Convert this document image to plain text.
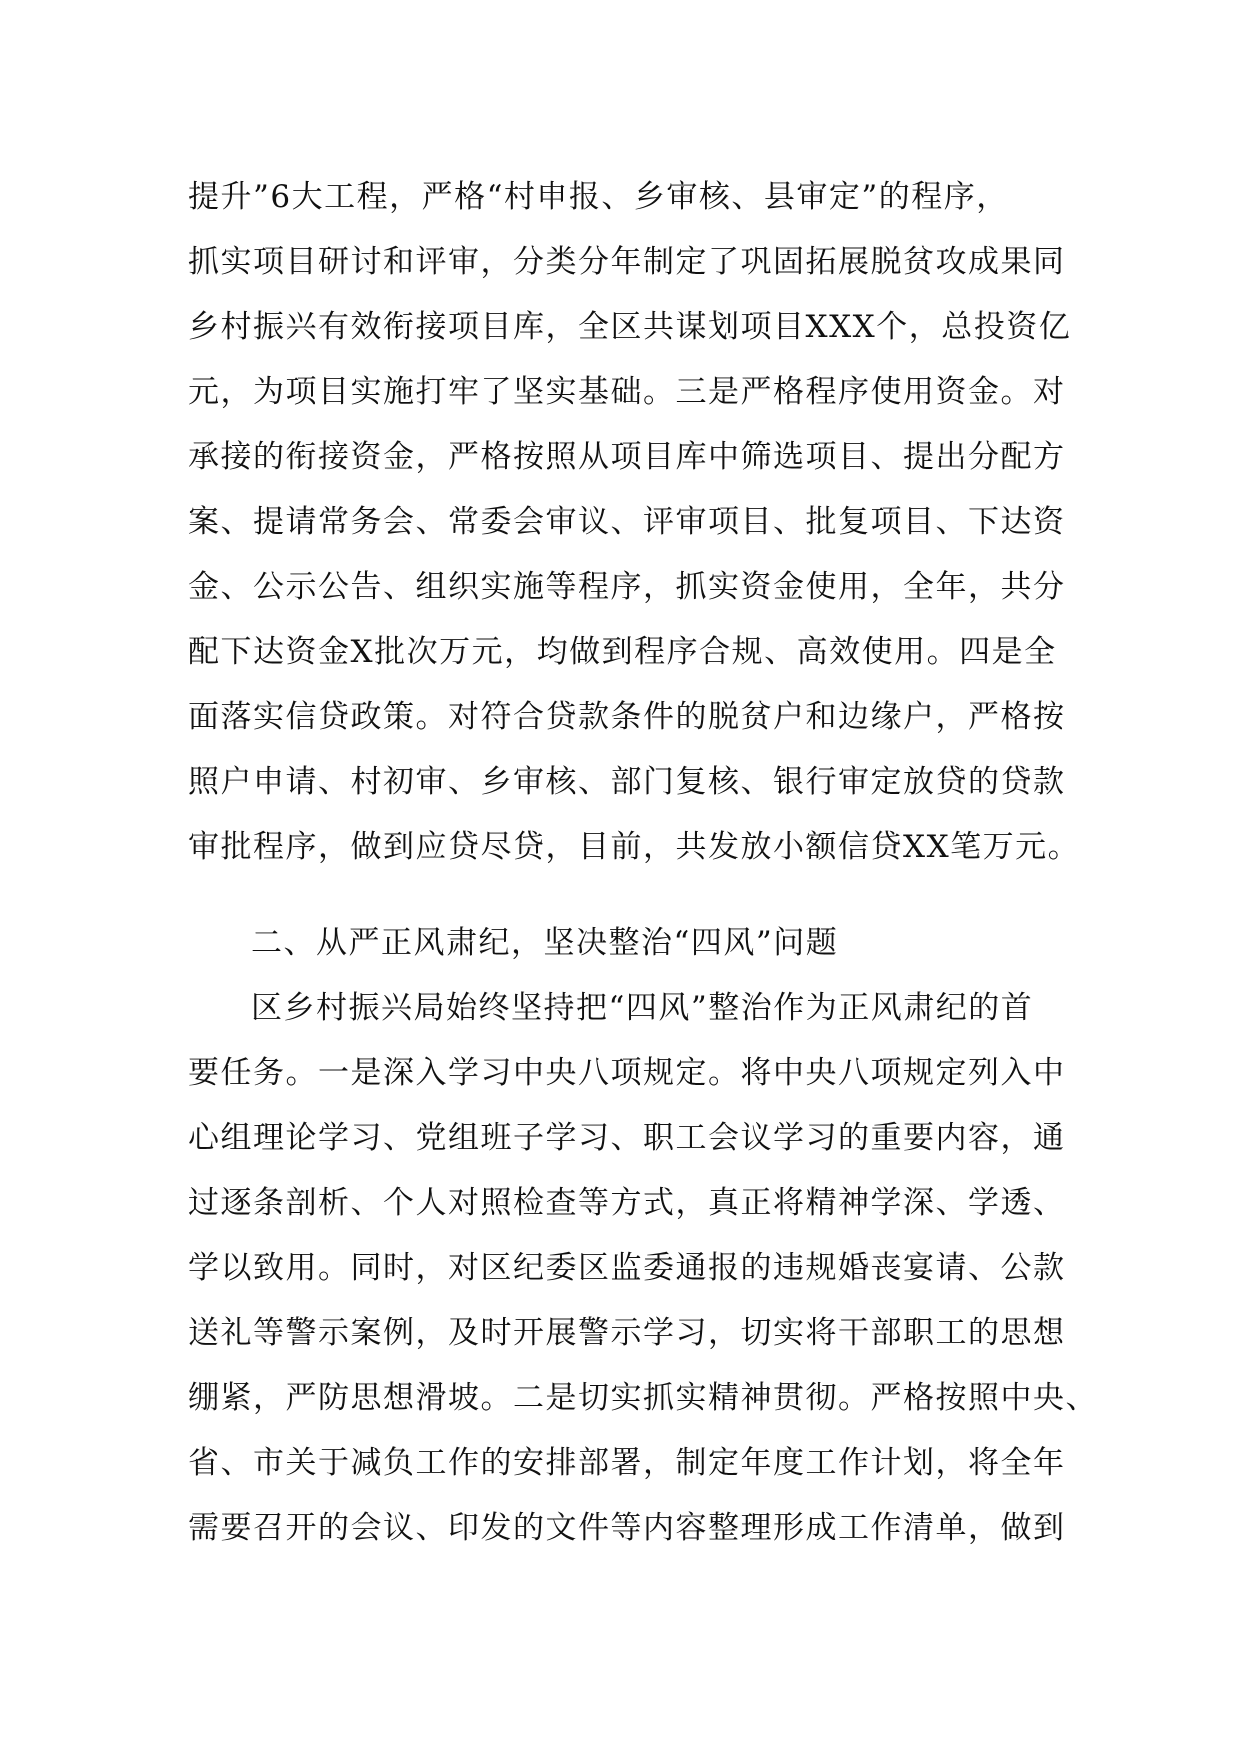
提升”6大工程，严格“村申报、乡审核、县审定”的程序，
抓实项目研讨和评审，分类分年制定了巩固拓展脱贫攻成果同
乡村振兴有效衔接项目库，全区共谋划项目XXX个，总投资亿
元，为项目实施打牢了坚实基础。三是严格程序使用资金。对
承接的衔接资金，严格按照从项目库中筛选项目、提出分配方
案、提请常务会、常委会审议、评审项目、批复项目、下达资
金、公示公告、组织实施等程序，抓实资金使用，全年，共分
配下达资金X批次万元，均做到程序合规、高效使用。四是全
面落实信贷政策。对符合贷款条件的脱贫户和边缘户，严格按
照户申请、村初审、乡审核、部门复核、银行审定放贷的贷款
审批程序，做到应贷尽贷，目前，共发放小额信贷XX笔万元。
二、从严正风肃纪，坚决整治“四风”问题
区乡村振兴局始终坚持把“四风”整治作为正风肃纪的首
要任务。一是深入学习中央八项规定。将中央八项规定列入中
心组理论学习、党组班子学习、职工会议学习的重要内容，通
过逐条剖析、个人对照检查等方式，真正将精神学深、学透、
学以致用。同时，对区纪委区监委通报的违规婚丧宴请、公款
送礼等警示案例，及时开展警示学习，切实将干部职工的思想
绷紧，严防思想滑坡。二是切实抓实精神贯彻。严格按照中央、
省、市关于减负工作的安排部署，制定年度工作计划，将全年
需要召开的会议、印发的文件等内容整理形成工作清单，做到
